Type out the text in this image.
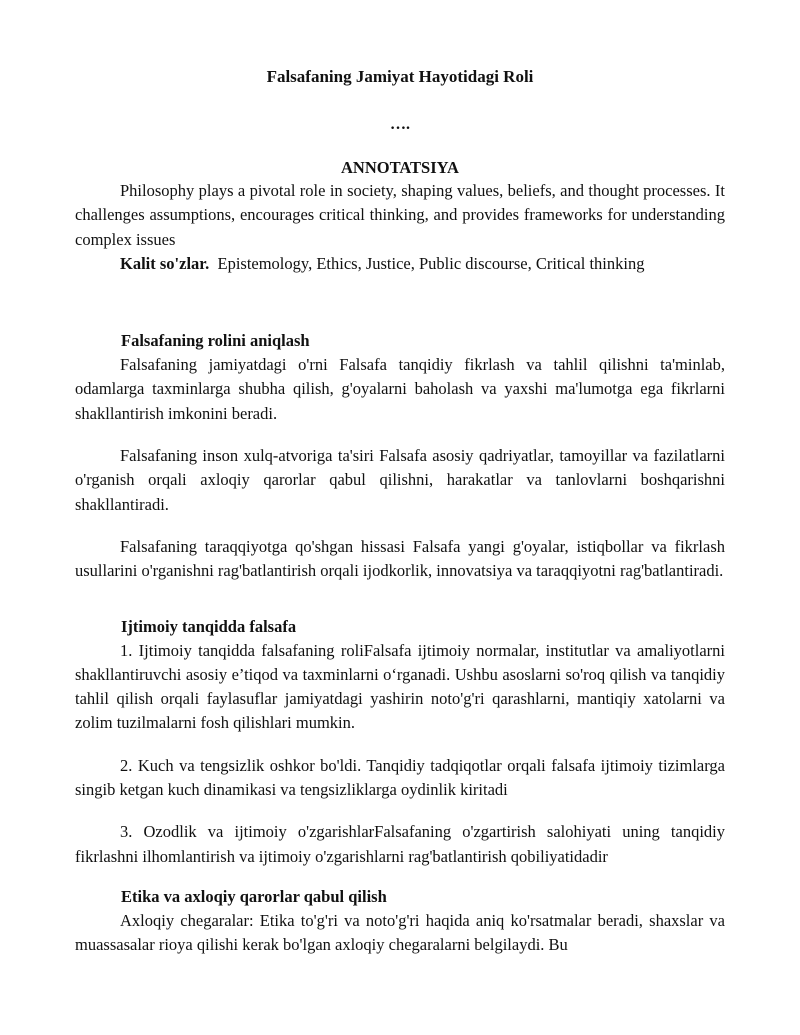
Falsafaning Jamiyat Hayotidagi Roli
….
ANNOTATSIYA

Philosophy plays a pivotal role in society, shaping values, beliefs, and thought processes. It challenges assumptions, encourages critical thinking, and provides frameworks for understanding complex issues

Kalit so'zlar. Epistemology, Ethics, Justice, Public discourse, Critical thinking

Falsafaning rolini aniqlash

Falsafaning jamiyatdagi o'rni Falsafa tanqidiy fikrlash va tahlil qilishni ta'minlab, odamlarga taxminlarga shubha qilish, g'oyalarni baholash va yaxshi ma'lumotga ega fikrlarni shakllantirish imkonini beradi.

Falsafaning inson xulq-atvoriga ta'siri Falsafa asosiy qadriyatlar, tamoyillar va fazilatlarni o'rganish orqali axloqiy qarorlar qabul qilishni, harakatlar va tanlovlarni boshqarishni shakllantiradi.

Falsafaning taraqqiyotga qo'shgan hissasi Falsafa yangi g'oyalar, istiqbollar va fikrlash usullarini o'rganishni rag'batlantirish orqali ijodkorlik, innovatsiya va taraqqiyotni rag'batlantiradi.

Ijtimoiy tanqidda falsafa

1. Ijtimoiy tanqidda falsafaning roliFalsafa ijtimoiy normalar, institutlar va amaliyotlarni shakllantiruvchi asosiy e’tiqod va taxminlarni o‘rganadi. Ushbu asoslarni so'roq qilish va tanqidiy tahlil qilish orqali faylasuflar jamiyatdagi yashirin noto'g'ri qarashlarni, mantiqiy xatolarni va zolim tuzilmalarni fosh qilishlari mumkin.

2. Kuch va tengsizlik oshkor bo'ldi. Tanqidiy tadqiqotlar orqali falsafa ijtimoiy tizimlarga singib ketgan kuch dinamikasi va tengsizliklarga oydinlik kiritadi

3. Ozodlik va ijtimoiy o'zgarishlarFalsafaning o'zgartirish salohiyati uning tanqidiy fikrlashni ilhomlantirish va ijtimoiy o'zgarishlarni rag'batlantirish qobiliyatidadir

Etika va axloqiy qarorlar qabul qilish

Axloqiy chegaralar: Etika to'g'ri va noto'g'ri haqida aniq ko'rsatmalar beradi, shaxslar va muassasalar rioya qilishi kerak bo'lgan axloqiy chegaralarni belgilaydi. Bu
